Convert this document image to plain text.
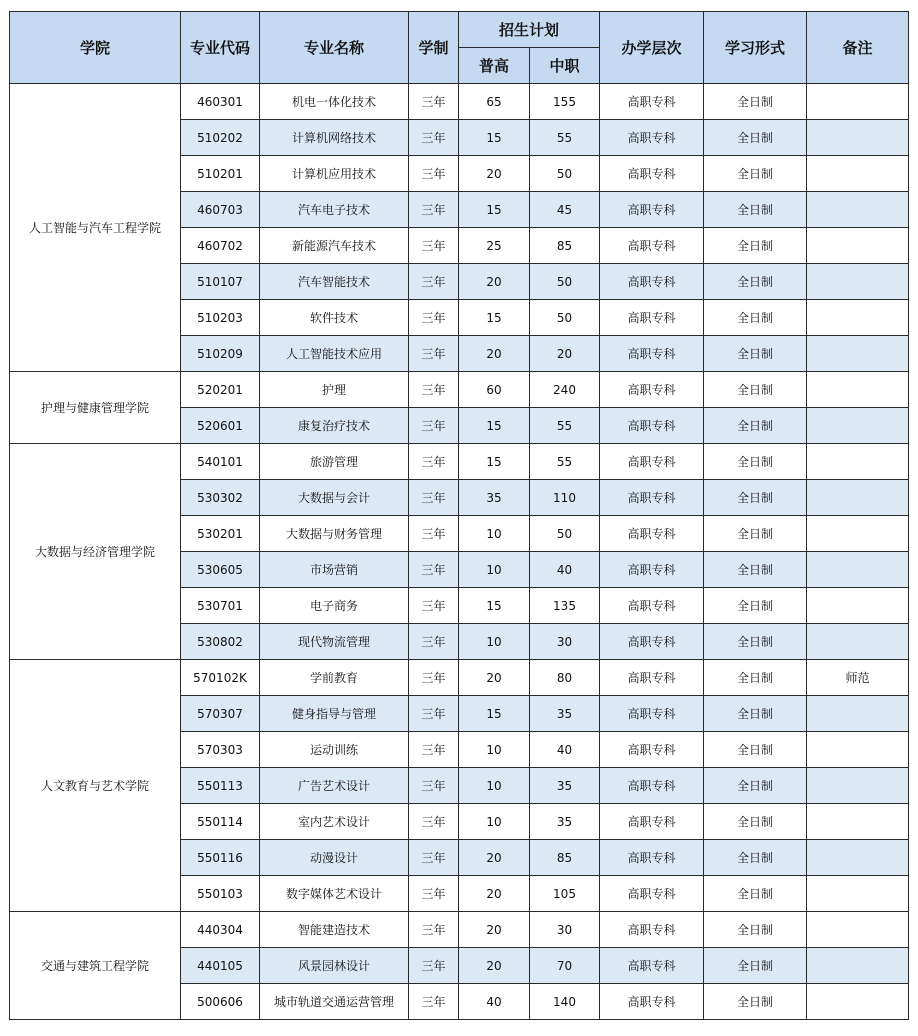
学院	专业代码	专业名称	学制	招生计划		办学层次	学习形式	备注
				普高	中职			
人工智能与汽车工程学院	460301	机电一体化技术	三年	65	155	高职专科	全日制	
	510202	计算机网络技术	三年	15	55	高职专科	全日制	
	510201	计算机应用技术	三年	20	50	高职专科	全日制	
	460703	汽车电子技术	三年	15	45	高职专科	全日制	
	460702	新能源汽车技术	三年	25	85	高职专科	全日制	
	510107	汽车智能技术	三年	20	50	高职专科	全日制	
	510203	软件技术	三年	15	50	高职专科	全日制	
	510209	人工智能技术应用	三年	20	20	高职专科	全日制	
护理与健康管理学院	520201	护理	三年	60	240	高职专科	全日制	
	520601	康复治疗技术	三年	15	55	高职专科	全日制	
大数据与经济管理学院	540101	旅游管理	三年	15	55	高职专科	全日制	
	530302	大数据与会计	三年	35	110	高职专科	全日制	
	530201	大数据与财务管理	三年	10	50	高职专科	全日制	
	530605	市场营销	三年	10	40	高职专科	全日制	
	530701	电子商务	三年	15	135	高职专科	全日制	
	530802	现代物流管理	三年	10	30	高职专科	全日制	
人文教育与艺术学院	570102K	学前教育	三年	20	80	高职专科	全日制	师范
	570307	健身指导与管理	三年	15	35	高职专科	全日制	
	570303	运动训练	三年	10	40	高职专科	全日制	
	550113	广告艺术设计	三年	10	35	高职专科	全日制	
	550114	室内艺术设计	三年	10	35	高职专科	全日制	
	550116	动漫设计	三年	20	85	高职专科	全日制	
	550103	数字媒体艺术设计	三年	20	105	高职专科	全日制	
交通与建筑工程学院	440304	智能建造技术	三年	20	30	高职专科	全日制	
	440105	风景园林设计	三年	20	70	高职专科	全日制	
	500606	城市轨道交通运营管理	三年	40	140	高职专科	全日制	
